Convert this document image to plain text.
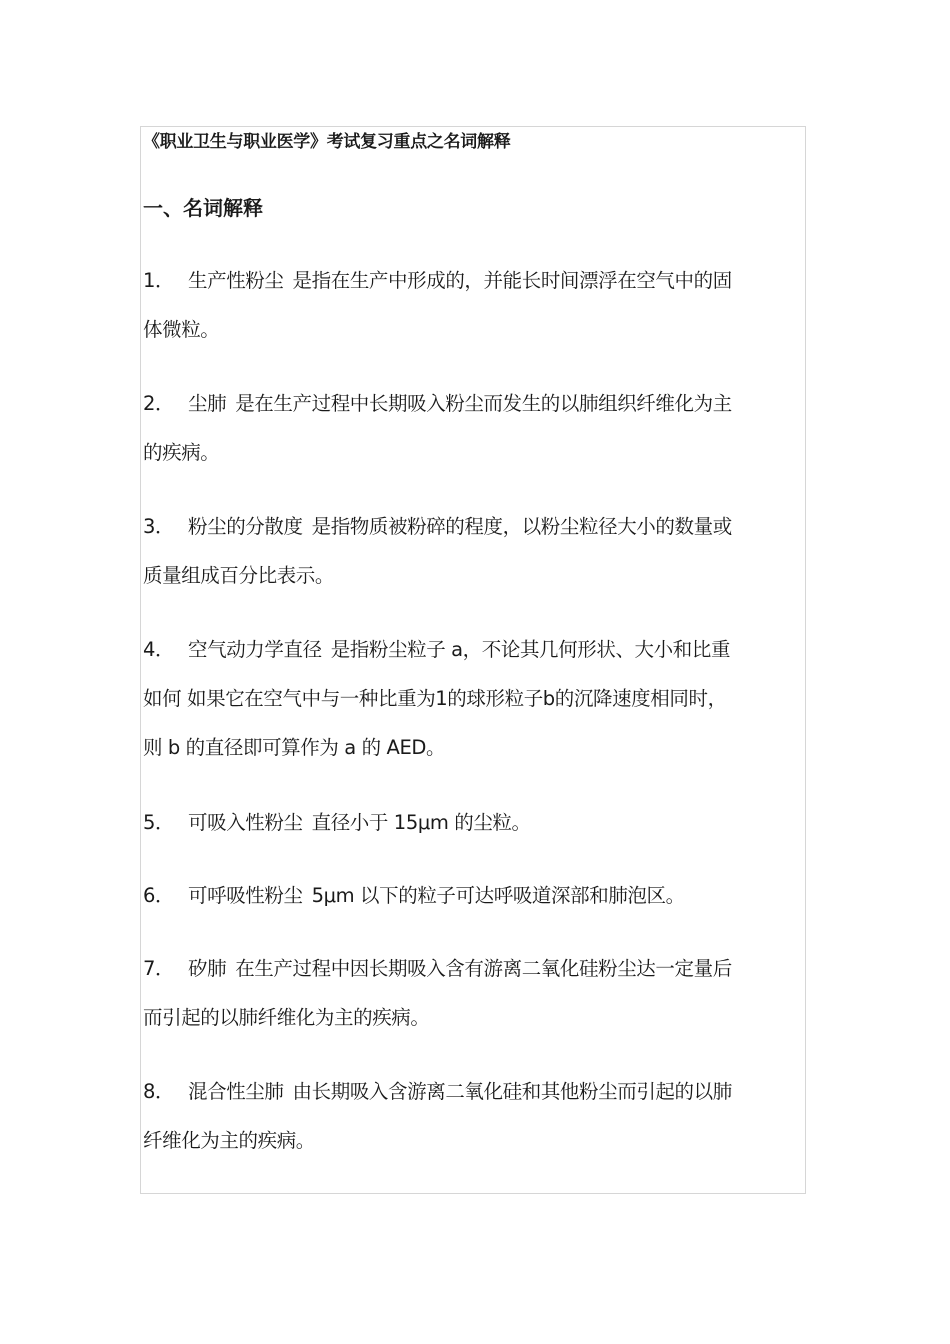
《职业卫生与职业医学》考试复习重点之名词解释
一、名词解释
1． 生产性粉尘 是指在生产中形成的，并能长时间漂浮在空气中的固
体微粒。
2． 尘肺 是在生产过程中长期吸入粉尘而发生的以肺组织纤维化为主
的疾病。
3． 粉尘的分散度 是指物质被粉碎的程度，以粉尘粒径大小的数量或
质量组成百分比表示。
4． 空气动力学直径 是指粉尘粒子 a，不论其几何形状、大小和比重
如何 如果它在空气中与一种比重为1的球形粒子b的沉降速度相同时，
则 b 的直径即可算作为 a 的 AED。
5． 可吸入性粉尘 直径小于 15μm 的尘粒。
6． 可呼吸性粉尘 5μm 以下的粒子可达呼吸道深部和肺泡区。
7． 矽肺 在生产过程中因长期吸入含有游离二氧化硅粉尘达一定量后
而引起的以肺纤维化为主的疾病。
8． 混合性尘肺 由长期吸入含游离二氧化硅和其他粉尘而引起的以肺
纤维化为主的疾病。
